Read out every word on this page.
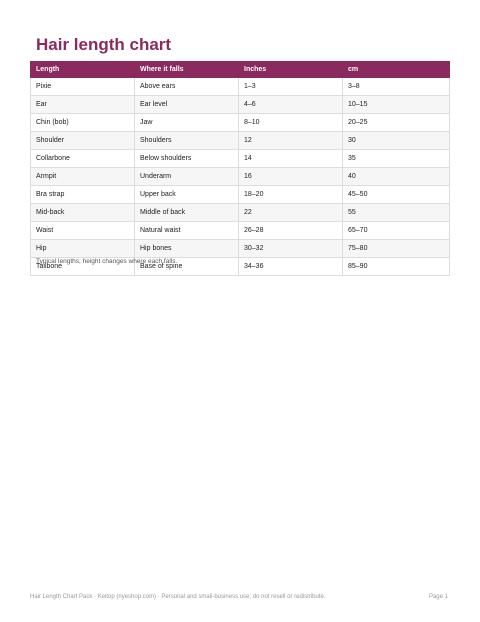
Hair length chart
Length	Where it falls	Inches	cm
Pixie	Above ears	1–3	3–8
Ear	Ear level	4–6	10–15
Chin (bob)	Jaw	8–10	20–25
Shoulder	Shoulders	12	30
Collarbone	Below shoulders	14	35
Armpit	Underarm	16	40
Bra strap	Upper back	18–20	45–50
Mid-back	Middle of back	22	55
Waist	Natural waist	26–28	65–70
Hip	Hip bones	30–32	75–80
Tailbone	Base of spine	34–36	85–90
Typical lengths; height changes where each falls.
Hair Length Chart Pack · Keitop (nyeshop.com) · Personal and small-business use; do not resell or redistribute.	Page 1
